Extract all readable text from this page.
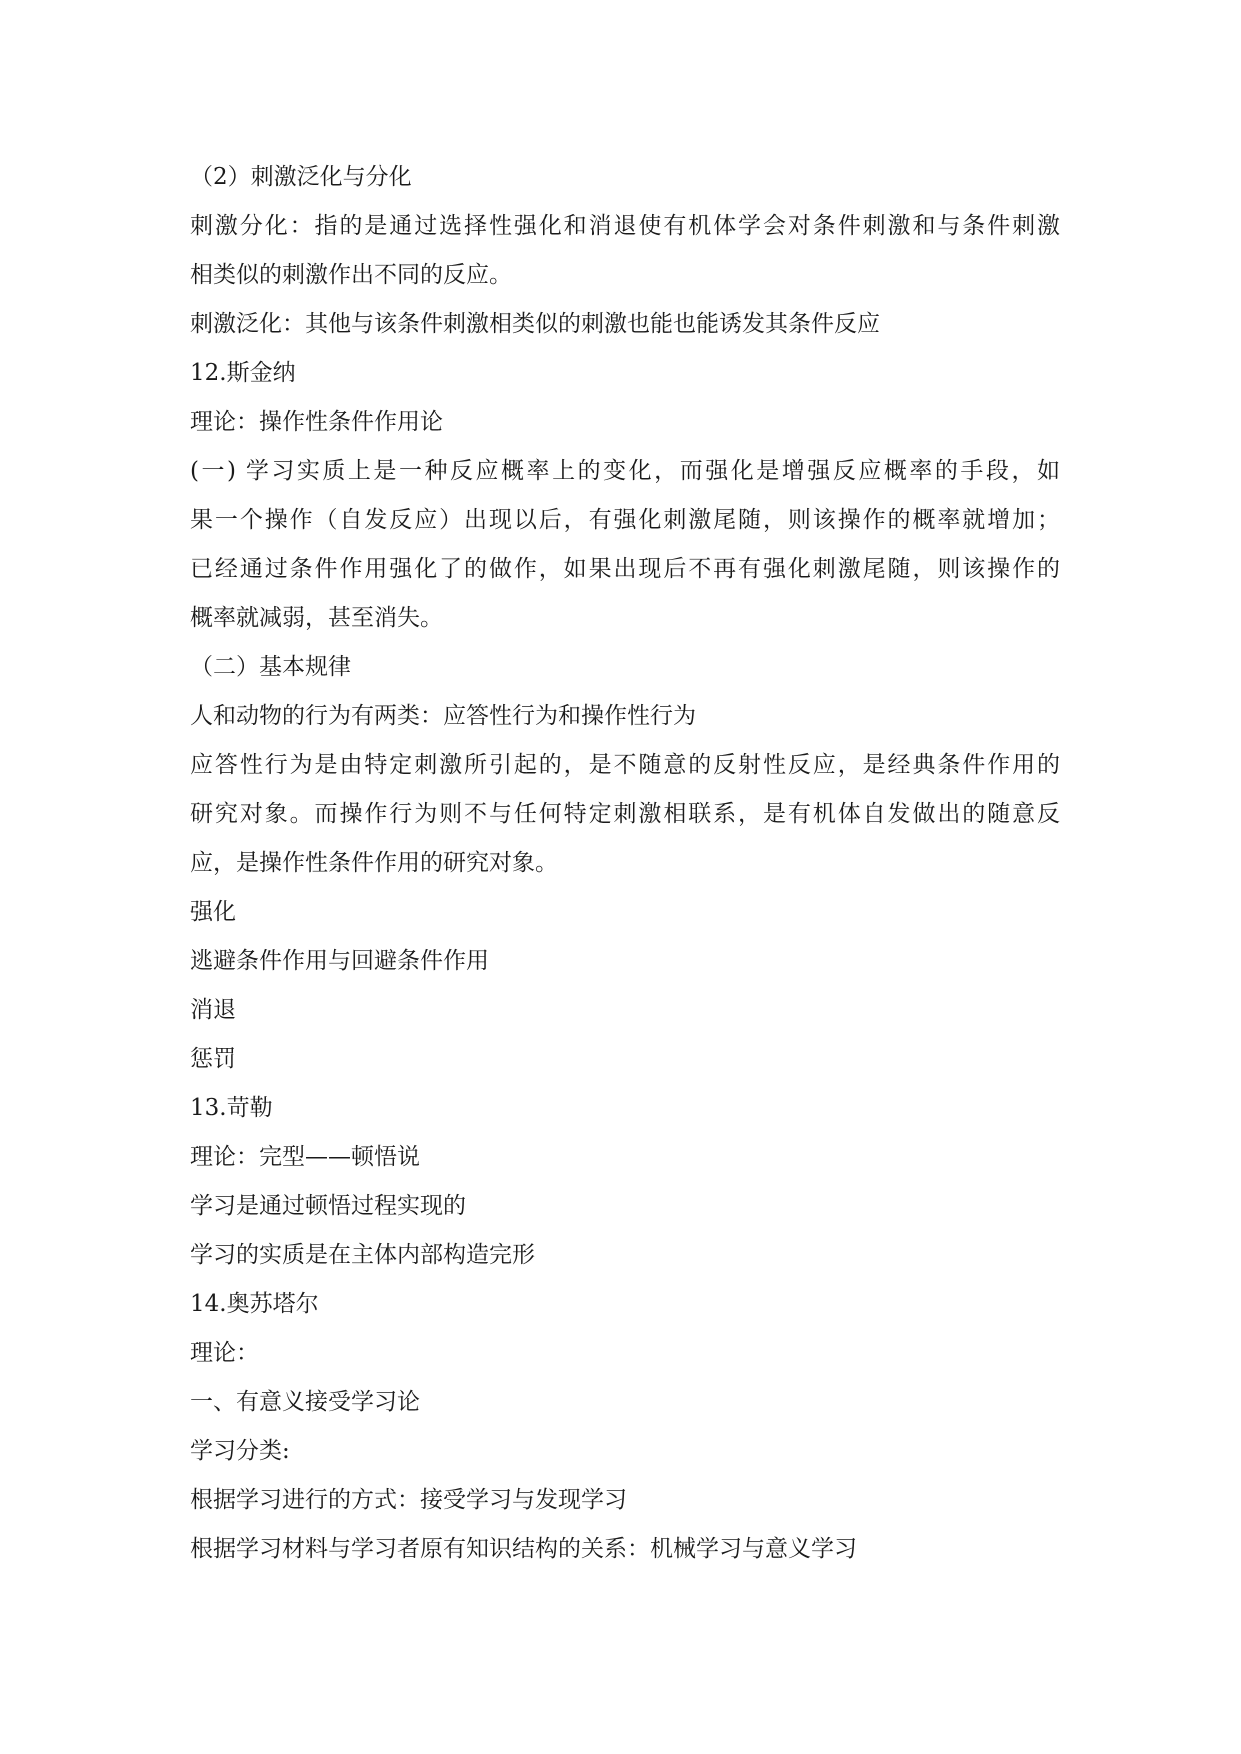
（2）刺激泛化与分化
刺激分化：指的是通过选择性强化和消退使有机体学会对条件刺激和与条件刺激
相类似的刺激作出不同的反应。
刺激泛化：其他与该条件刺激相类似的刺激也能也能诱发其条件反应
12.斯金纳
理论：操作性条件作用论
(一) 学习实质上是一种反应概率上的变化，而强化是增强反应概率的手段，如
果一个操作（自发反应）出现以后，有强化刺激尾随，则该操作的概率就增加；
已经通过条件作用强化了的做作，如果出现后不再有强化刺激尾随，则该操作的
概率就减弱，甚至消失。
（二）基本规律
人和动物的行为有两类：应答性行为和操作性行为
应答性行为是由特定刺激所引起的，是不随意的反射性反应，是经典条件作用的
研究对象。而操作行为则不与任何特定刺激相联系，是有机体自发做出的随意反
应，是操作性条件作用的研究对象。
强化
逃避条件作用与回避条件作用
消退
惩罚
13.苛勒
理论：完型——顿悟说
学习是通过顿悟过程实现的
学习的实质是在主体内部构造完形
14.奥苏塔尔
理论：
一、有意义接受学习论
学习分类:
根据学习进行的方式：接受学习与发现学习
根据学习材料与学习者原有知识结构的关系：机械学习与意义学习
